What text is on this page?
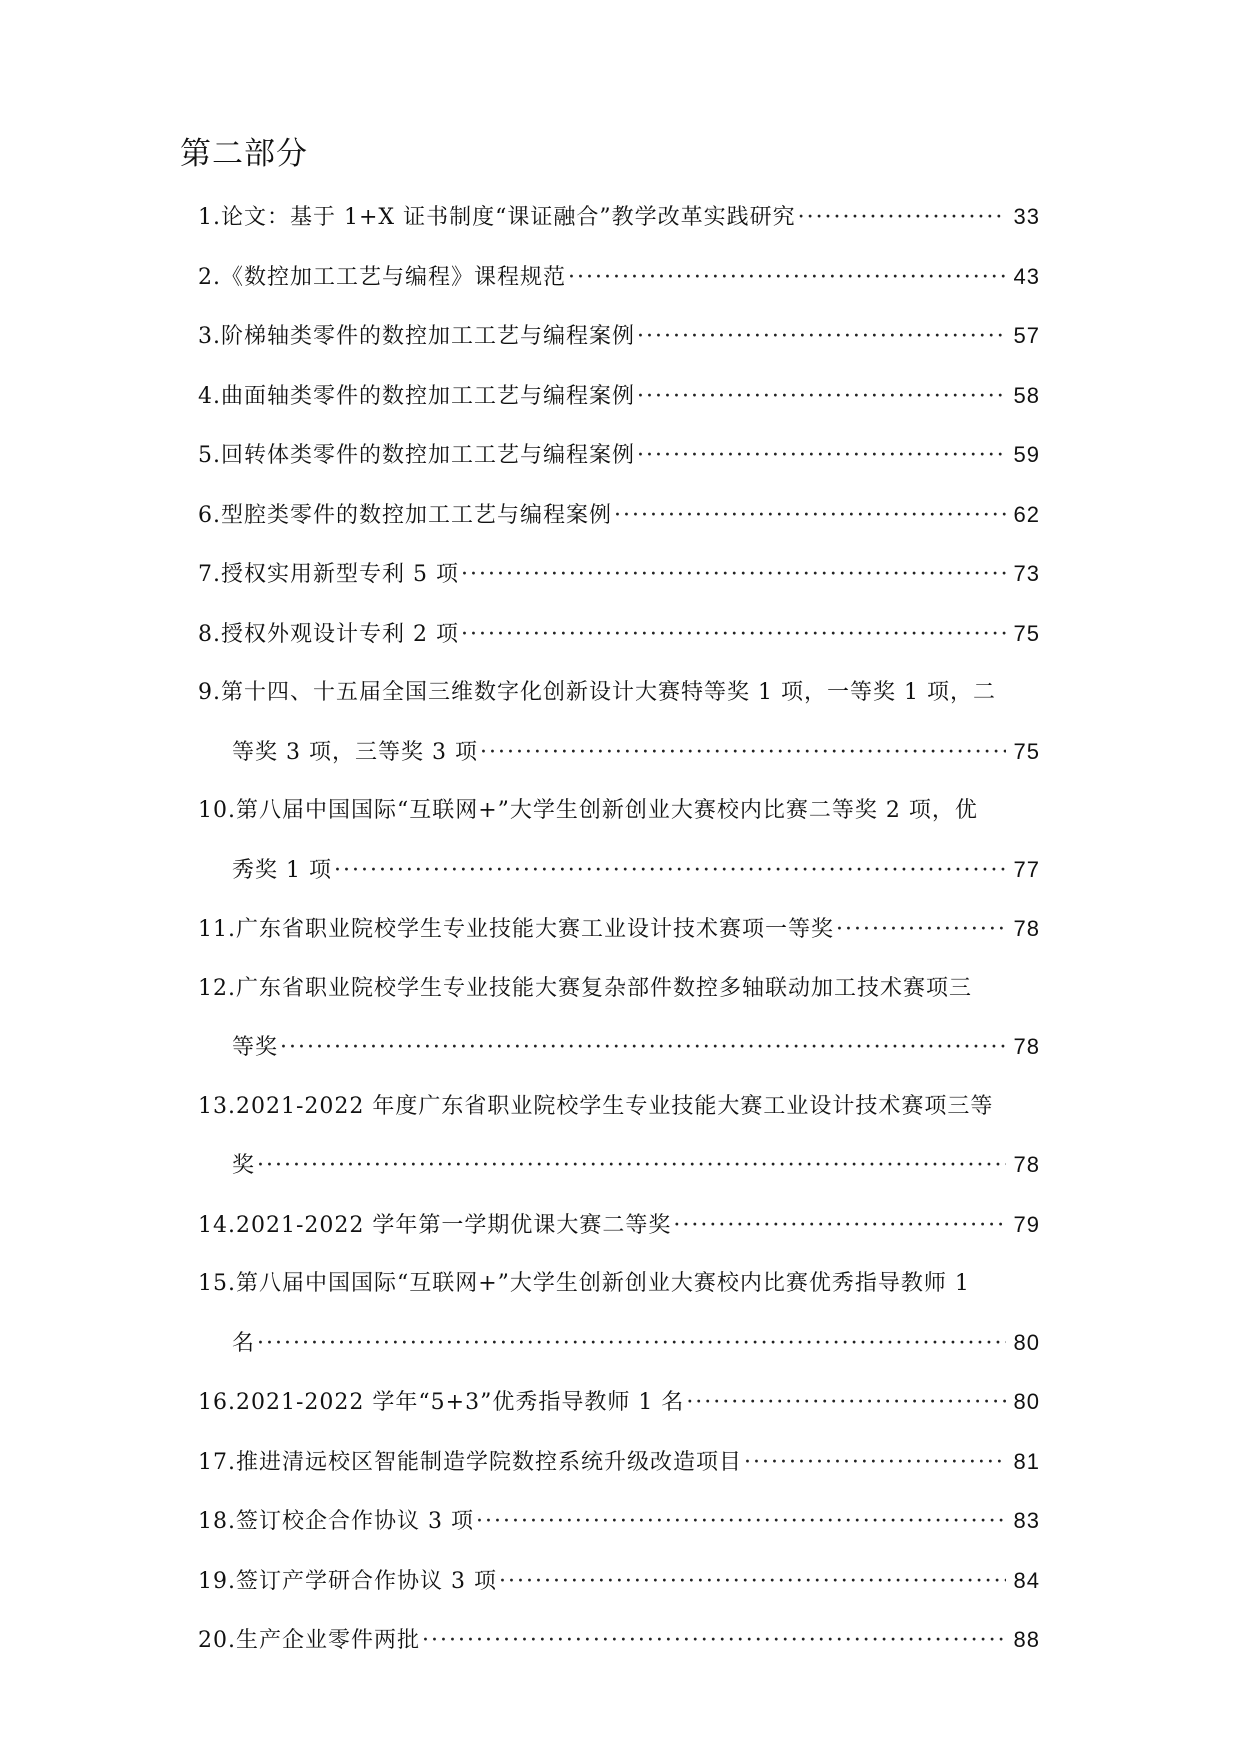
第二部分
1. 论文：基于 1+X 证书制度“课证融合”教学改革实践研究 ·····	33
2. 《数控加工工艺与编程》课程规范 ·····	43
3. 阶梯轴类零件的数控加工工艺与编程案例 ·····	57
4. 曲面轴类零件的数控加工工艺与编程案例 ·····	58
5. 回转体类零件的数控加工工艺与编程案例 ·····	59
6. 型腔类零件的数控加工工艺与编程案例 ·····	62
7. 授权实用新型专利 5 项 ·····	73
8. 授权外观设计专利 2 项 ·····	75
9. 第十四、十五届全国三维数字化创新设计大赛特等奖 1 项，一等奖 1 项，二
等奖 3 项，三等奖 3 项 ·····	75
10. 第八届中国国际“互联网+”大学生创新创业大赛校内比赛二等奖 2 项，优
秀奖 1 项 ·····	77
11. 广东省职业院校学生专业技能大赛工业设计技术赛项一等奖 ·····	78
12. 广东省职业院校学生专业技能大赛复杂部件数控多轴联动加工技术赛项三
等奖 ·····	78
13. 2021-2022 年度广东省职业院校学生专业技能大赛工业设计技术赛项三等
奖 ·····	78
14. 2021-2022 学年第一学期优课大赛二等奖 ·····	79
15. 第八届中国国际“互联网+”大学生创新创业大赛校内比赛优秀指导教师 1
名 ·····	80
16. 2021-2022 学年“5+3”优秀指导教师 1 名 ·····	80
17. 推进清远校区智能制造学院数控系统升级改造项目 ·····	81
18. 签订校企合作协议 3 项 ·····	83
19. 签订产学研合作协议 3 项 ·····	84
20. 生产企业零件两批 ·····	88
